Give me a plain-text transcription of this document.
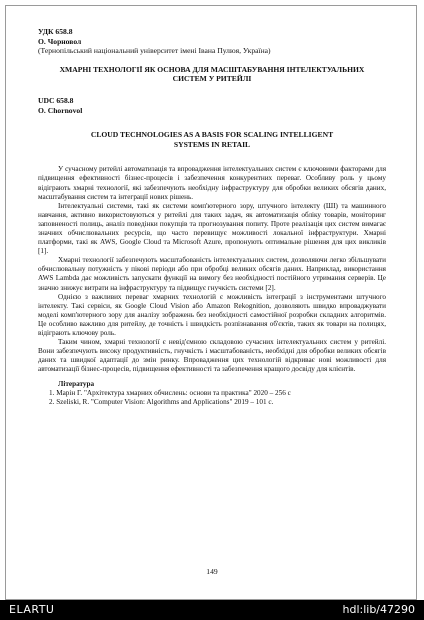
УДК 658.8
О. Чорновол
(Тернопільський національний університет імені Івана Пулюя, Україна)
ХМАРНІ ТЕХНОЛОГІЇ ЯК ОСНОВА ДЛЯ МАСШТАБУВАННЯ ІНТЕЛЕКТУАЛЬНИХ
СИСТЕМ У РИТЕЙЛІ
UDC 658.8
O. Chornovol
CLOUD TECHNOLOGIES AS A BASIS FOR SCALING INTELLIGENT
SYSTEMS IN RETAIL
У сучасному ритейлі автоматизація та впровадження інтелектуальних систем є ключовими факторами для підвищення ефективності бізнес-процесів і забезпечення конкурентних переваг. Особливу роль у цьому відіграють хмарні технології, які забезпечують необхідну інфраструктуру для обробки великих обсягів даних, масштабування систем та інтеграції нових рішень.
Інтелектуальні системи, такі як системи комп'ютерного зору, штучного інтелекту (ШІ) та машинного навчання, активно використовуються у ритейлі для таких задач, як автоматизація обліку товарів, моніторинг заповненості полиць, аналіз поведінки покупців та прогнозування попиту. Проте реалізація цих систем вимагає значних обчислювальних ресурсів, що часто перевищує можливості локальної інфраструктури. Хмарні платформи, такі як AWS, Google Cloud та Microsoft Azure, пропонують оптимальне рішення для цих викликів [1].
Хмарні технології забезпечують масштабованість інтелектуальних систем, дозволяючи легко збільшувати обчислювальну потужність у пікові періоди або при обробці великих обсягів даних. Наприклад, використання AWS Lambda дає можливість запускати функції на вимогу без необхідності постійного утримання серверів. Це значно знижує витрати на інфраструктуру та підвищує гнучкість системи [2].
Однією з важливих переваг хмарних технологій є можливість інтеграції з інструментами штучного інтелекту. Такі сервіси, як Google Cloud Vision або Amazon Rekognition, дозволяють швидко впроваджувати моделі комп'ютерного зору для аналізу зображень без необхідності самостійної розробки складних алгоритмів. Це особливо важливо для ритейлу, де точність і швидкість розпізнавання об'єктів, таких як товари на полицях, відіграють ключову роль.
Таким чином, хмарні технології є невід'ємною складовою сучасних інтелектуальних систем у ритейлі. Вони забезпечують високу продуктивність, гнучкість і масштабованість, необхідні для обробки великих обсягів даних та швидкої адаптації до змін ринку. Впровадження цих технологій відкриває нові можливості для автоматизації бізнес-процесів, підвищення ефективності та забезпечення кращого досвіду для клієнтів.
Література
1. Марін Г. "Архітектура хмарних обчислень: основи та практика" 2020 – 256 с
2. Szeliski, R. "Computer Vision: Algorithms and Applications" 2019 – 101 с.
149
ELARTU	hdl:lib/47290
